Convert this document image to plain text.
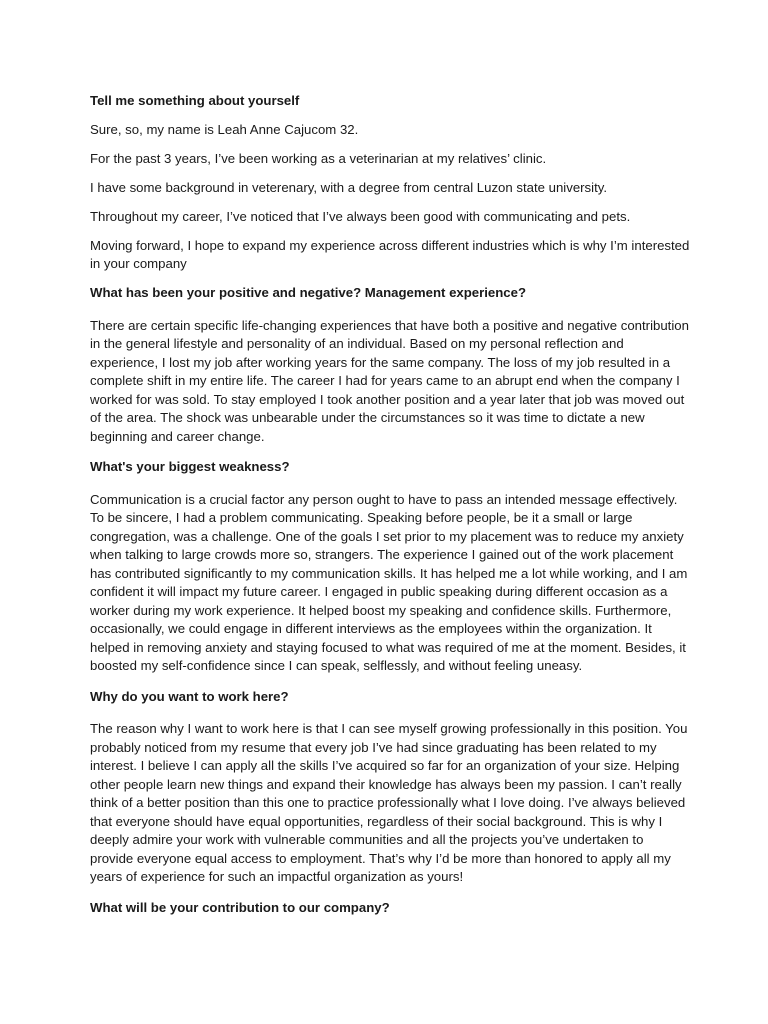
Tell me something about yourself
Sure, so, my name is Leah Anne Cajucom 32.
For the past 3 years, I’ve been working as a veterinarian at my relatives’ clinic.
I have some background in veterenary, with a degree from central Luzon state university.
Throughout my career, I’ve noticed that I’ve always been good with communicating and pets.
Moving forward, I hope to expand my experience across different industries which is why I’m interested in your company
What has been your positive and negative? Management experience?
There are certain specific life-changing experiences that have both a positive and negative contribution in the general lifestyle and personality of an individual. Based on my personal reflection and experience, I lost my job after working years for the same company. The loss of my job resulted in a complete shift in my entire life. The career I had for years came to an abrupt end when the company I worked for was sold. To stay employed I took another position and a year later that job was moved out of the area. The shock was unbearable under the circumstances so it was time to dictate a new beginning and career change.
What's your biggest weakness?
Communication is a crucial factor any person ought to have to pass an intended message effectively. To be sincere, I had a problem communicating. Speaking before people, be it a small or large congregation, was a challenge. One of the goals I set prior to my placement was to reduce my anxiety when talking to large crowds more so, strangers. The experience I gained out of the work placement has contributed significantly to my communication skills. It has helped me a lot while working, and I am confident it will impact my future career. I engaged in public speaking during different occasion as a worker during my work experience. It helped boost my speaking and confidence skills. Furthermore, occasionally, we could engage in different interviews as the employees within the organization. It helped in removing anxiety and staying focused to what was required of me at the moment. Besides, it boosted my self-confidence since I can speak, selflessly, and without feeling uneasy.
Why do you want to work here?
The reason why I want to work here is that I can see myself growing professionally in this position. You probably noticed from my resume that every job I’ve had since graduating has been related to my interest. I believe I can apply all the skills I’ve acquired so far for an organization of your size. Helping other people learn new things and expand their knowledge has always been my passion. I can’t really think of a better position than this one to practice professionally what I love doing. I’ve always believed that everyone should have equal opportunities, regardless of their social background. This is why I deeply admire your work with vulnerable communities and all the projects you’ve undertaken to provide everyone equal access to employment. That’s why I’d be more than honored to apply all my years of experience for such an impactful organization as yours!
What will be your contribution to our company?
